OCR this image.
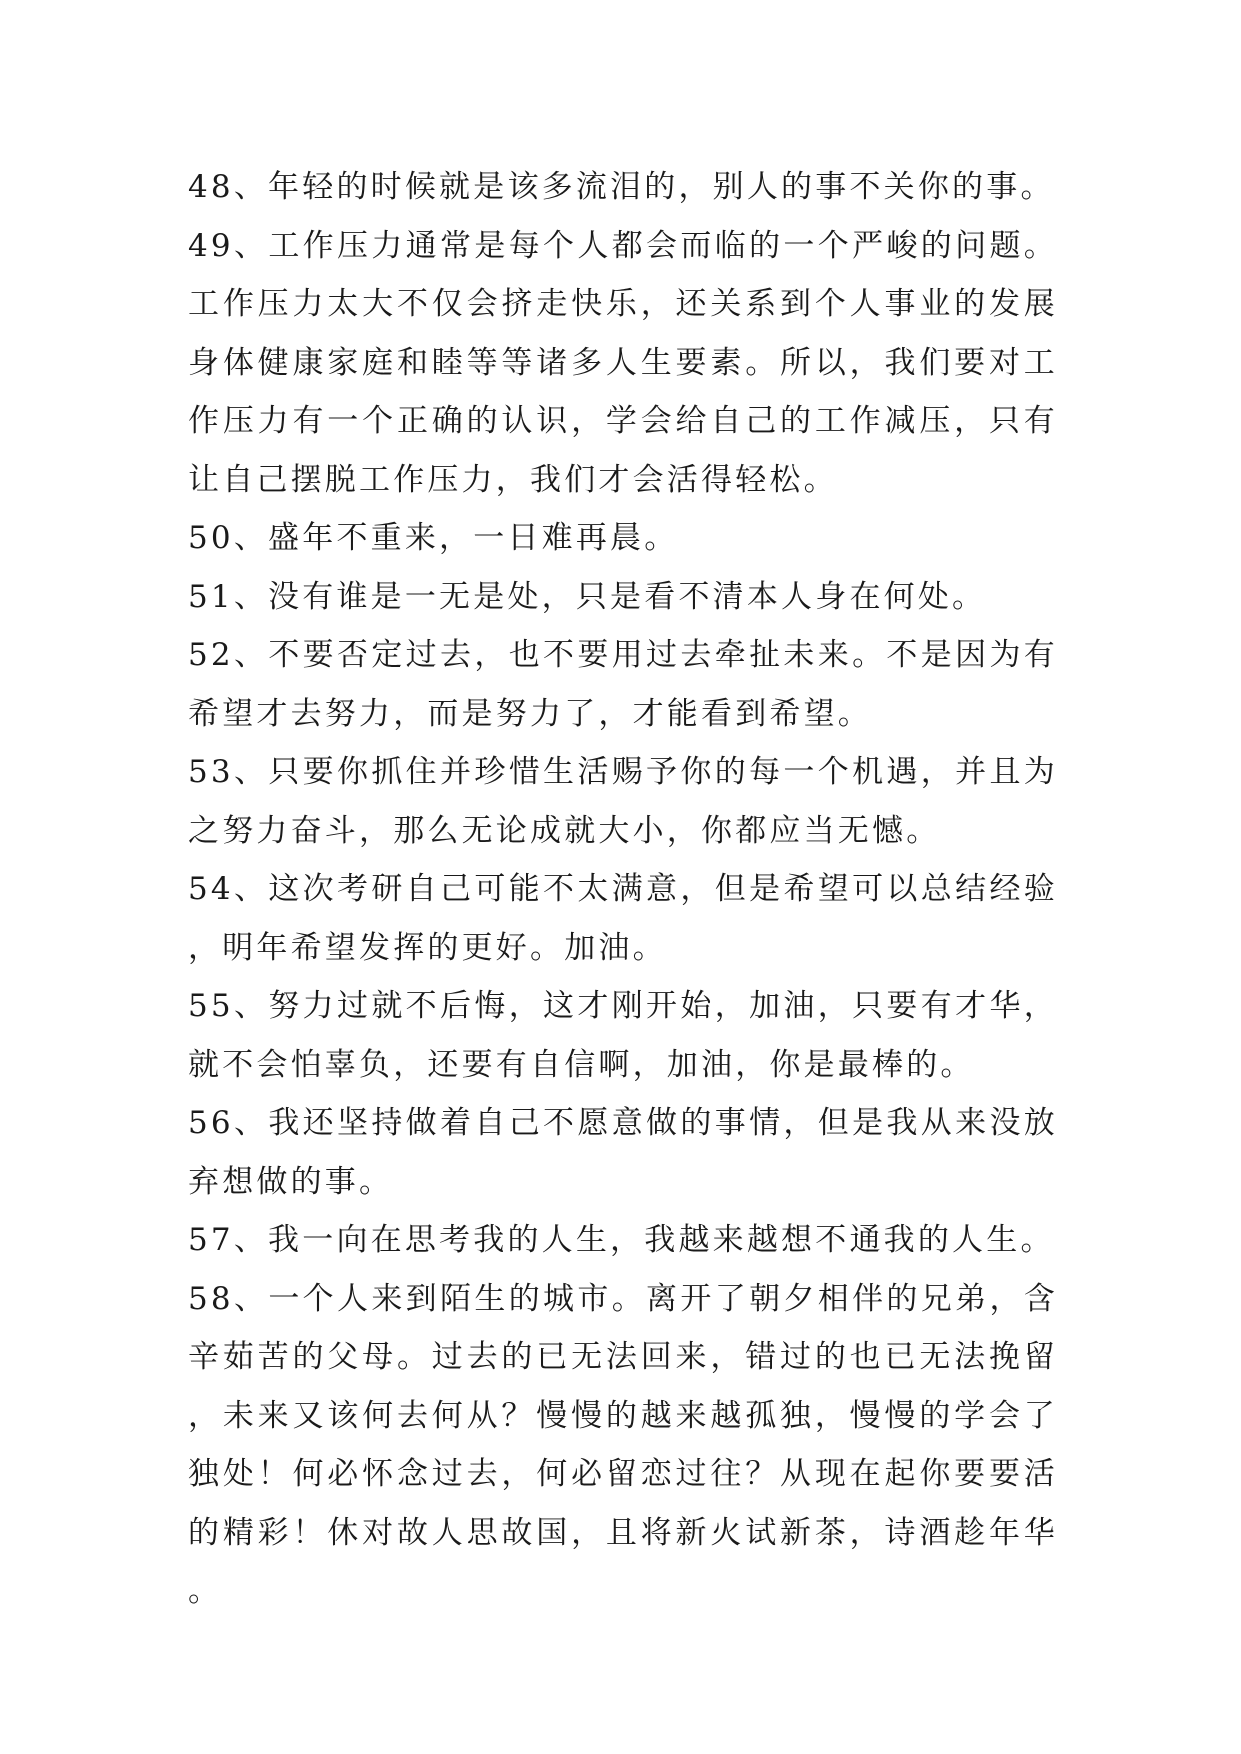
48、年轻的时候就是该多流泪的，别人的事不关你的事。

49、工作压力通常是每个人都会而临的一个严峻的问题。工作压力太大不仅会挤走快乐，还关系到个人事业的发展身体健康家庭和睦等等诸多人生要素。所以，我们要对工作压力有一个正确的认识，学会给自己的工作减压，只有让自己摆脱工作压力，我们才会活得轻松。

50、盛年不重来，一日难再晨。

51、没有谁是一无是处，只是看不清本人身在何处。

52、不要否定过去，也不要用过去牵扯未来。不是因为有希望才去努力，而是努力了，才能看到希望。

53、只要你抓住并珍惜生活赐予你的每一个机遇，并且为之努力奋斗，那么无论成就大小，你都应当无憾。

54、这次考研自己可能不太满意，但是希望可以总结经验，明年希望发挥的更好。加油。

55、努力过就不后悔，这才刚开始，加油，只要有才华，就不会怕辜负，还要有自信啊，加油，你是最棒的。

56、我还坚持做着自己不愿意做的事情，但是我从来没放弃想做的事。

57、我一向在思考我的人生，我越来越想不通我的人生。

58、一个人来到陌生的城市。离开了朝夕相伴的兄弟，含辛茹苦的父母。过去的已无法回来，错过的也已无法挽留，未来又该何去何从？慢慢的越来越孤独，慢慢的学会了独处！何必怀念过去，何必留恋过往？从现在起你要要活的精彩！休对故人思故国，且将新火试新茶，诗酒趁年华。
